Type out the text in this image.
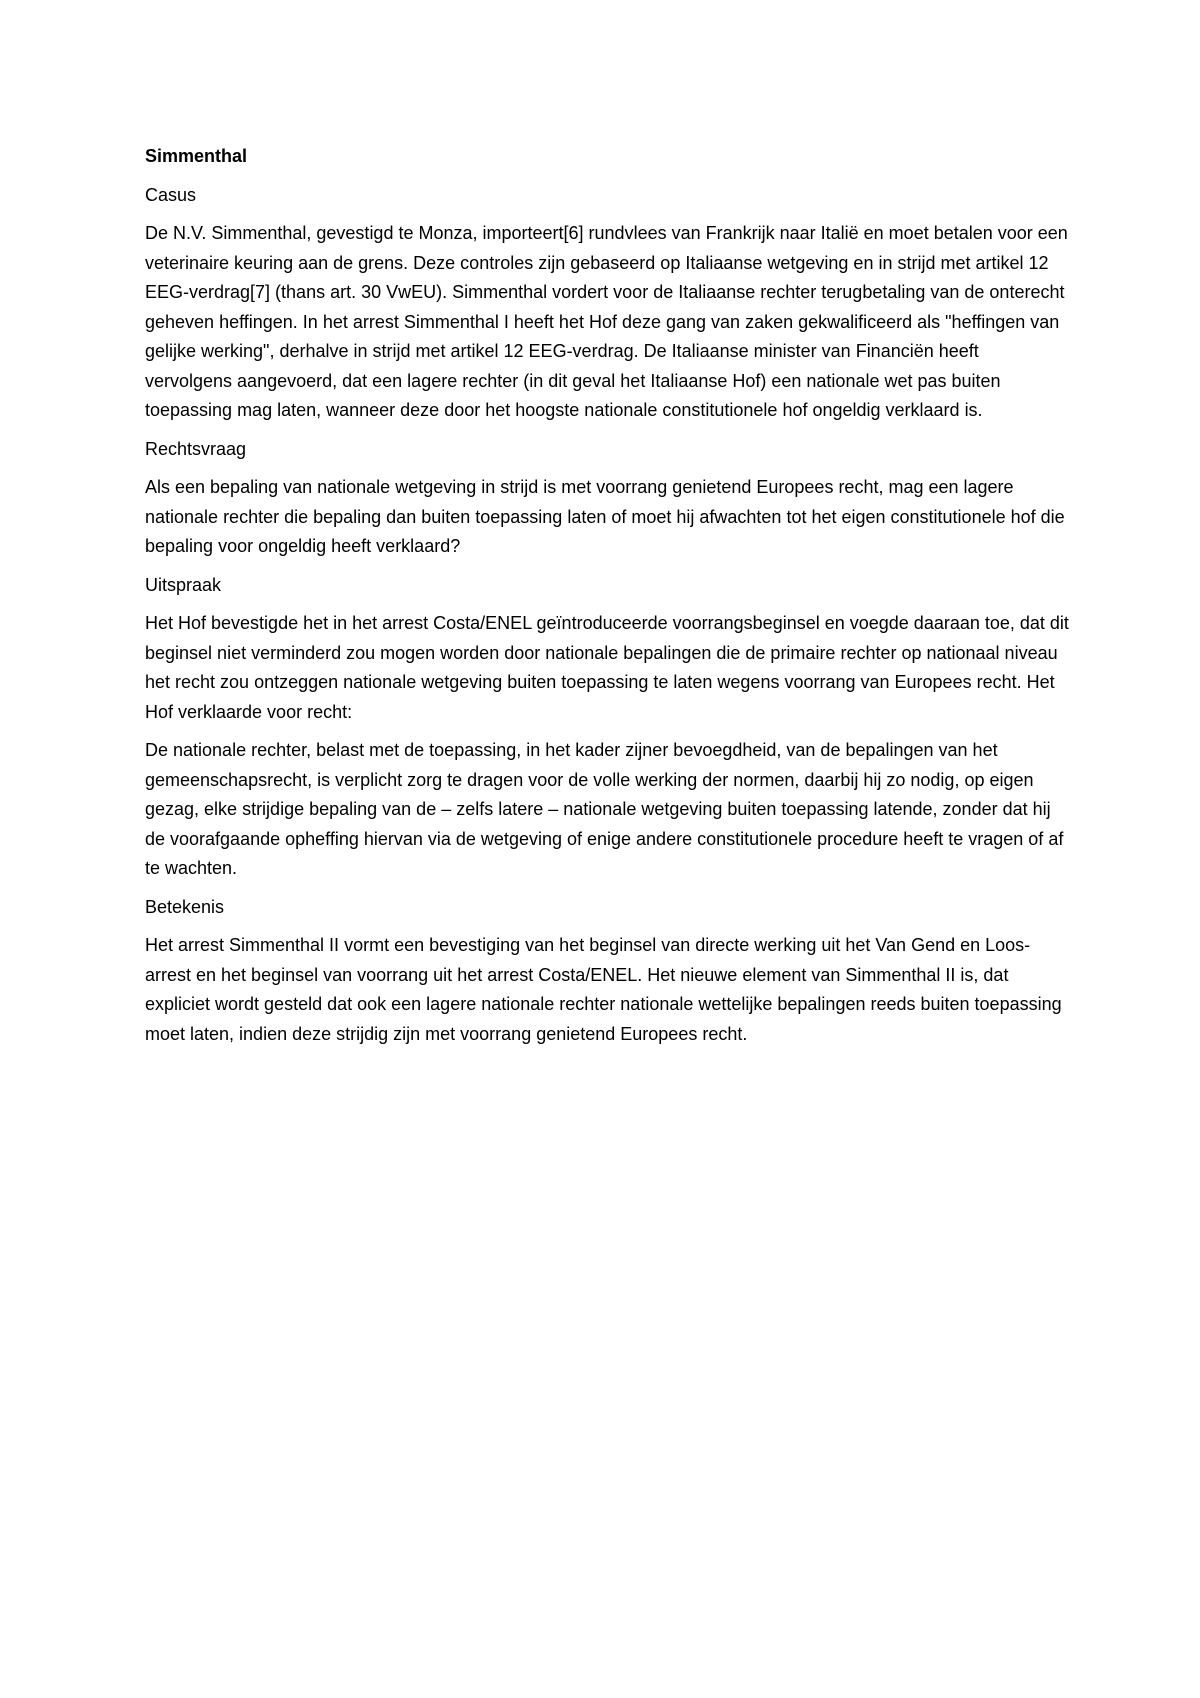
Simmenthal
Casus

De N.V. Simmenthal, gevestigd te Monza, importeert[6] rundvlees van Frankrijk naar Italië en moet betalen voor een veterinaire keuring aan de grens. Deze controles zijn gebaseerd op Italiaanse wetgeving en in strijd met artikel 12 EEG-verdrag[7] (thans art. 30 VwEU). Simmenthal vordert voor de Italiaanse rechter terugbetaling van de onterecht geheven heffingen. In het arrest Simmenthal I heeft het Hof deze gang van zaken gekwalificeerd als "heffingen van gelijke werking", derhalve in strijd met artikel 12 EEG-verdrag. De Italiaanse minister van Financiën heeft vervolgens aangevoerd, dat een lagere rechter (in dit geval het Italiaanse Hof) een nationale wet pas buiten toepassing mag laten, wanneer deze door het hoogste nationale constitutionele hof ongeldig verklaard is.

Rechtsvraag

Als een bepaling van nationale wetgeving in strijd is met voorrang genietend Europees recht, mag een lagere nationale rechter die bepaling dan buiten toepassing laten of moet hij afwachten tot het eigen constitutionele hof die bepaling voor ongeldig heeft verklaard?

Uitspraak

Het Hof bevestigde het in het arrest Costa/ENEL geïntroduceerde voorrangsbeginsel en voegde daaraan toe, dat dit beginsel niet verminderd zou mogen worden door nationale bepalingen die de primaire rechter op nationaal niveau het recht zou ontzeggen nationale wetgeving buiten toepassing te laten wegens voorrang van Europees recht. Het Hof verklaarde voor recht:

De nationale rechter, belast met de toepassing, in het kader zijner bevoegdheid, van de bepalingen van het gemeenschapsrecht, is verplicht zorg te dragen voor de volle werking der normen, daarbij hij zo nodig, op eigen gezag, elke strijdige bepaling van de – zelfs latere – nationale wetgeving buiten toepassing latende, zonder dat hij de voorafgaande opheffing hiervan via de wetgeving of enige andere constitutionele procedure heeft te vragen of af te wachten.

Betekenis

Het arrest Simmenthal II vormt een bevestiging van het beginsel van directe werking uit het Van Gend en Loos-arrest en het beginsel van voorrang uit het arrest Costa/ENEL. Het nieuwe element van Simmenthal II is, dat expliciet wordt gesteld dat ook een lagere nationale rechter nationale wettelijke bepalingen reeds buiten toepassing moet laten, indien deze strijdig zijn met voorrang genietend Europees recht.
